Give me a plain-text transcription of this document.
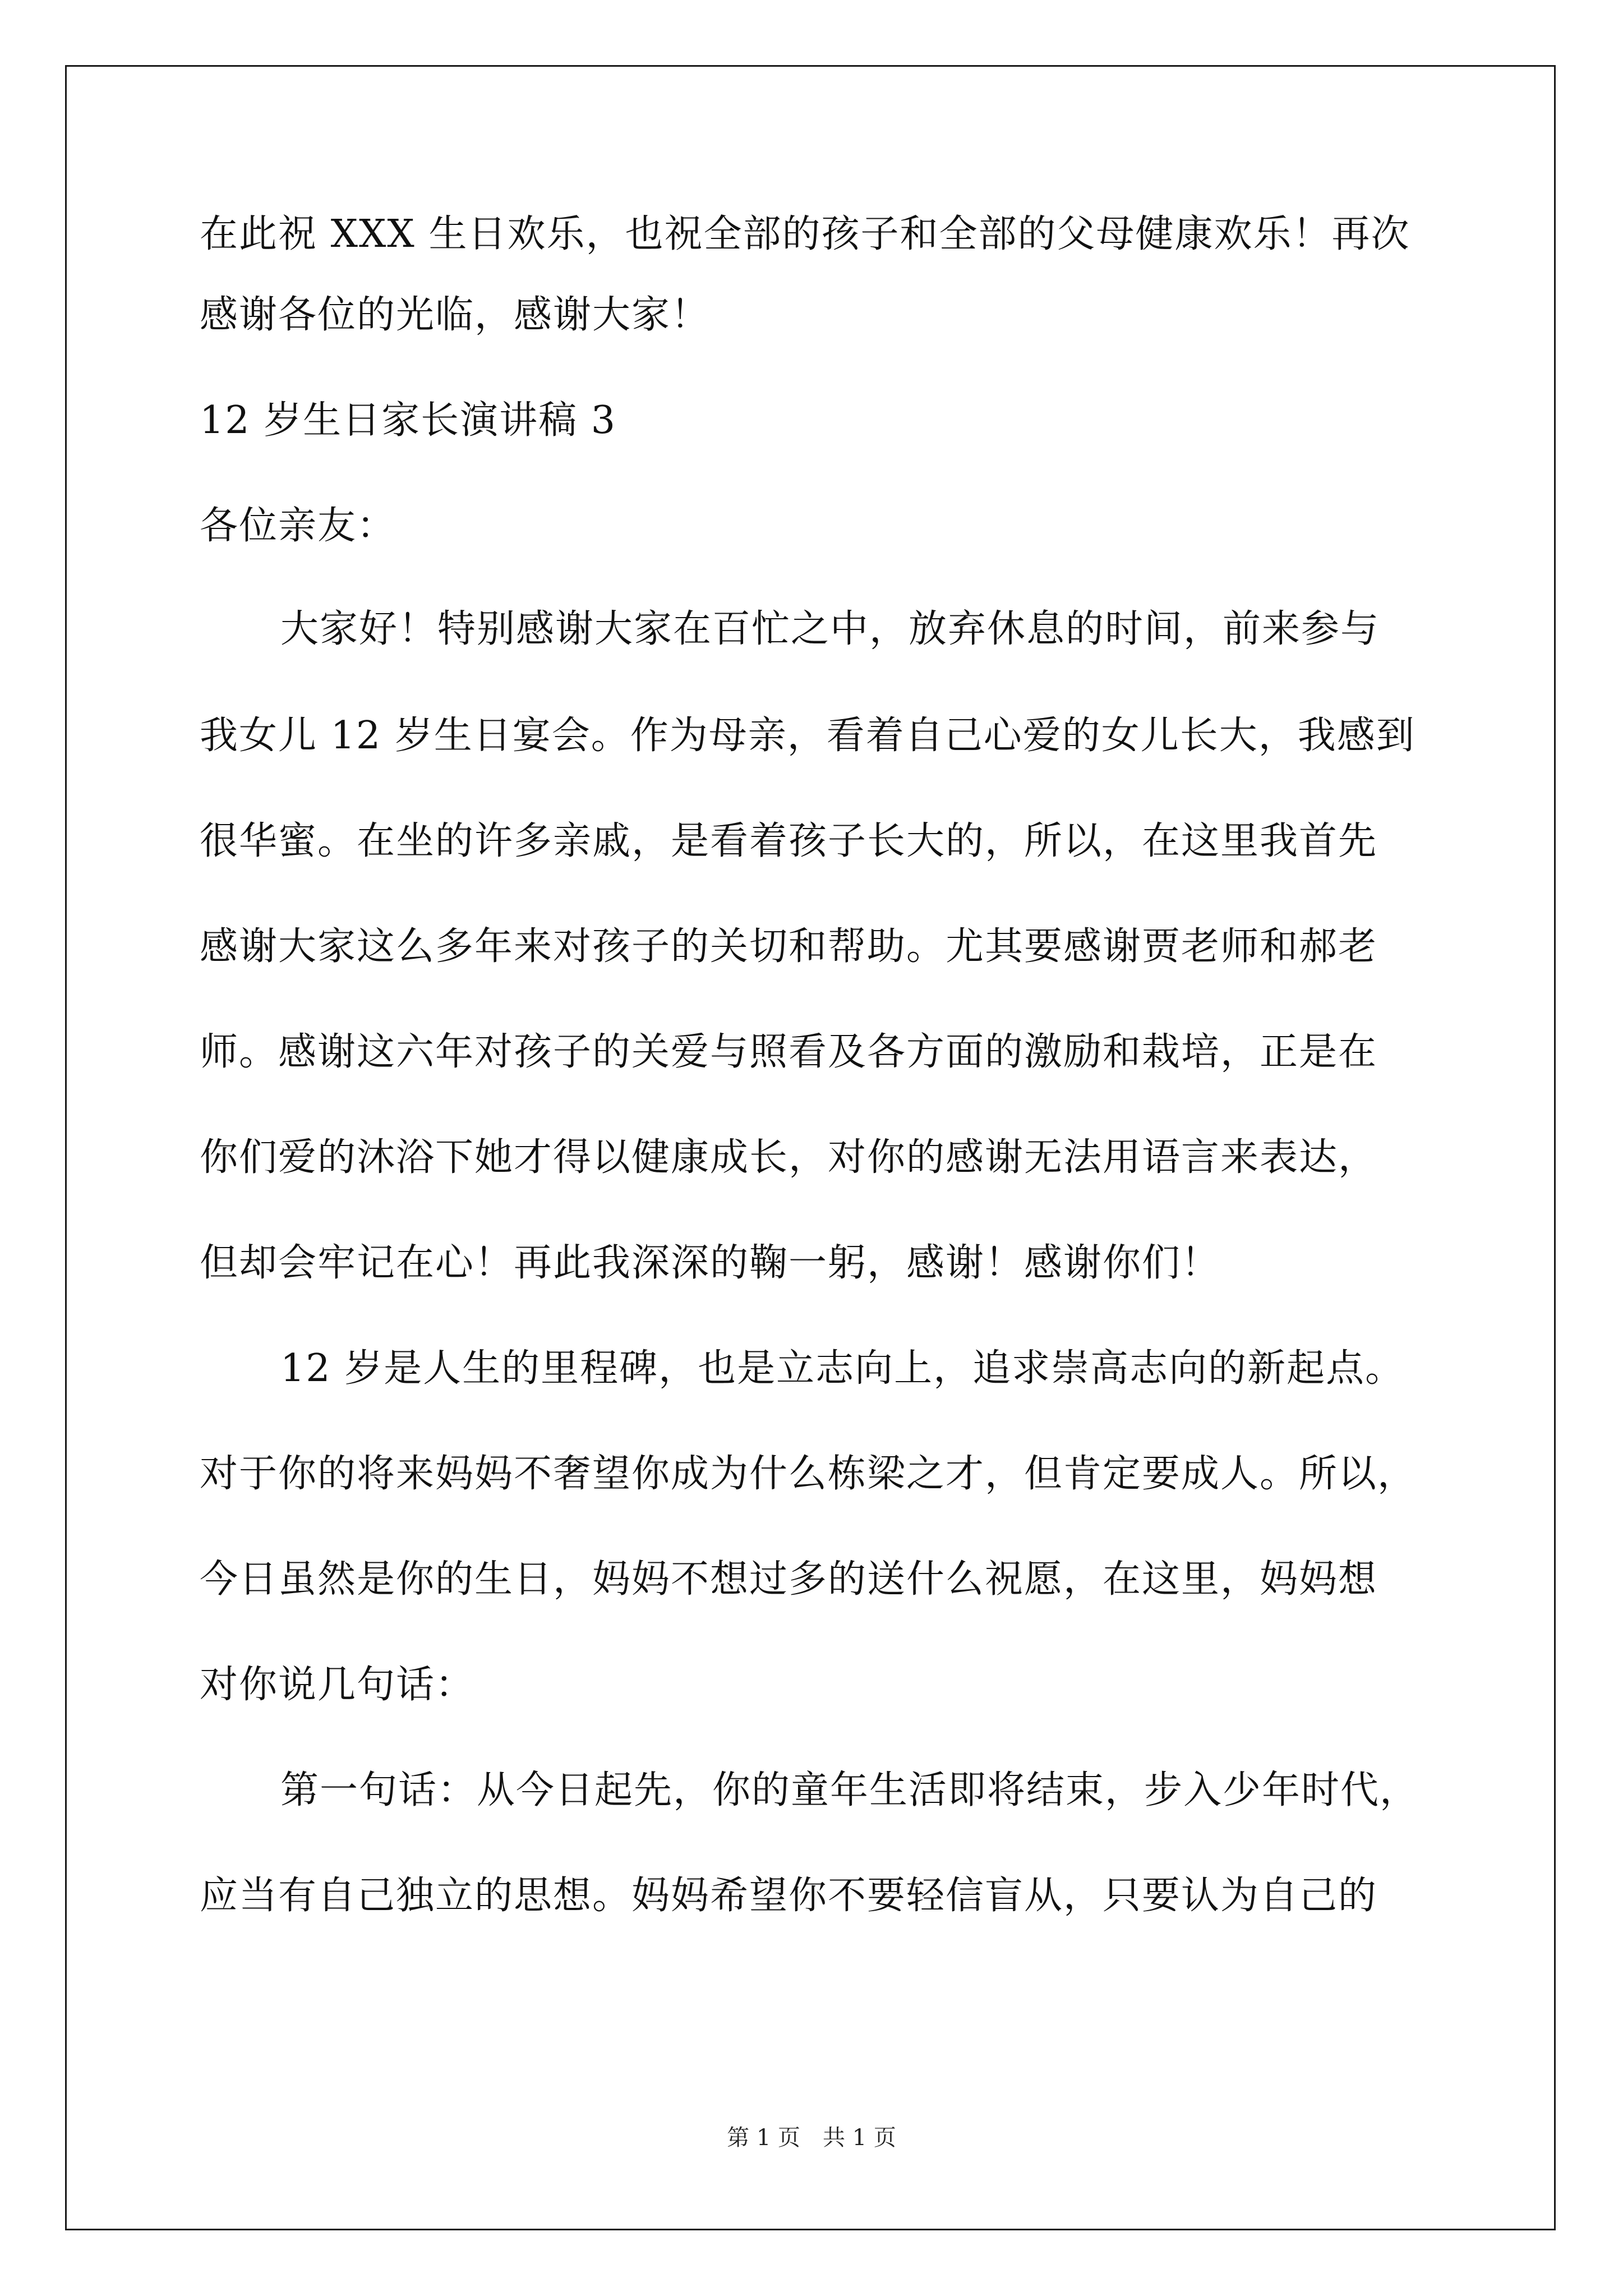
在此祝 XXX 生日欢乐，也祝全部的孩子和全部的父母健康欢乐！再次
感谢各位的光临，感谢大家！
12 岁生日家长演讲稿 3
各位亲友：
大家好！特别感谢大家在百忙之中，放弃休息的时间，前来参与
我女儿 12 岁生日宴会。作为母亲，看着自己心爱的女儿长大，我感到
很华蜜。在坐的许多亲戚，是看着孩子长大的，所以，在这里我首先
感谢大家这么多年来对孩子的关切和帮助。尤其要感谢贾老师和郝老
师。感谢这六年对孩子的关爱与照看及各方面的激励和栽培，正是在
你们爱的沐浴下她才得以健康成长，对你的感谢无法用语言来表达，
但却会牢记在心！再此我深深的鞠一躬，感谢！感谢你们！
12 岁是人生的里程碑，也是立志向上，追求崇高志向的新起点。
对于你的将来妈妈不奢望你成为什么栋梁之才，但肯定要成人。所以，
今日虽然是你的生日，妈妈不想过多的送什么祝愿，在这里，妈妈想
对你说几句话：
第一句话：从今日起先，你的童年生活即将结束，步入少年时代，
应当有自己独立的思想。妈妈希望你不要轻信盲从，只要认为自己的
第 1 页　共 1 页
